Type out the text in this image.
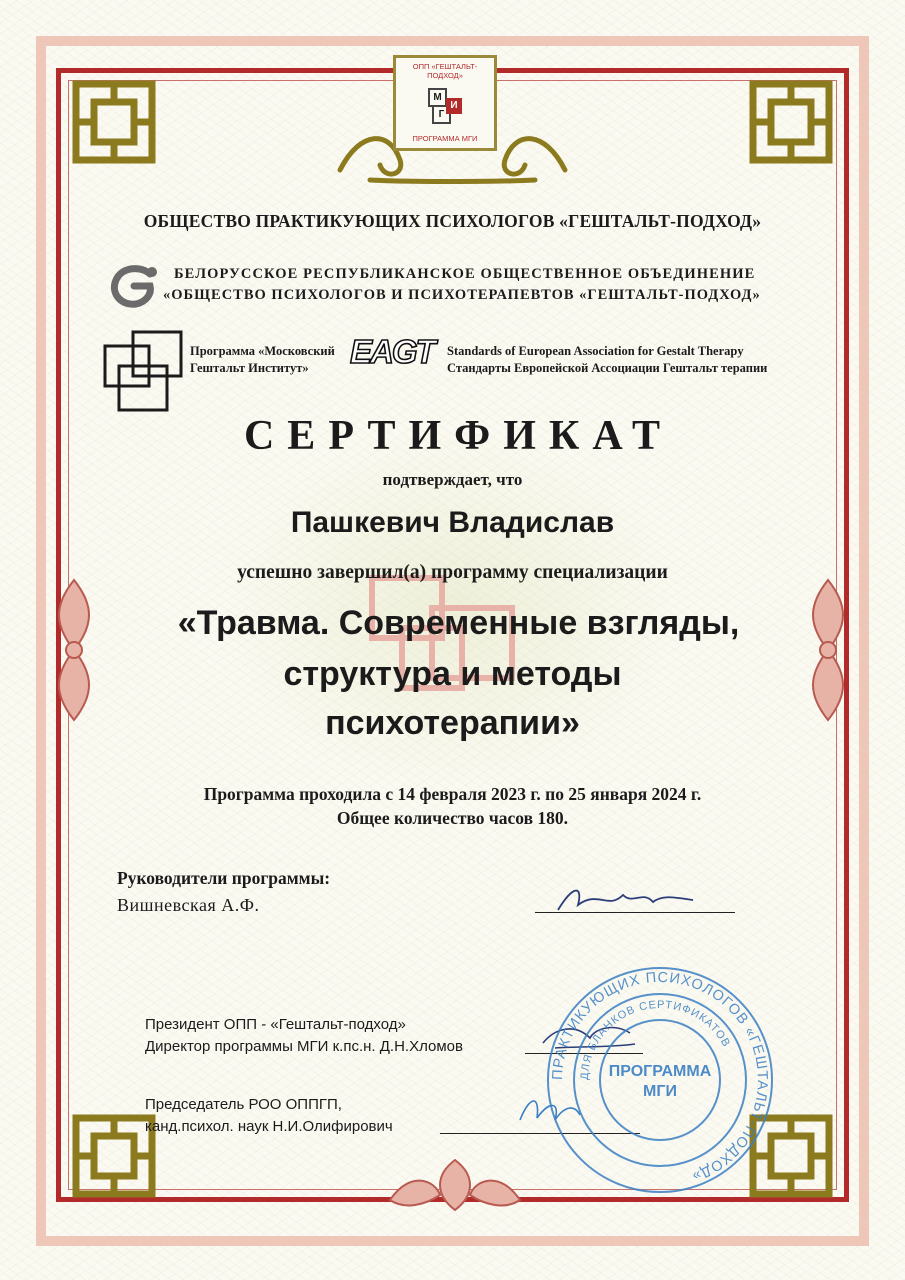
ОПП «ГЕШТАЛЬТ-ПОДХОД»
М
Г
И
ПРОГРАММА МГИ
ОБЩЕСТВО ПРАКТИКУЮЩИХ ПСИХОЛОГОВ «ГЕШТАЛЬТ-ПОДХОД»
БЕЛОРУССКОЕ РЕСПУБЛИКАНСКОЕ ОБЩЕСТВЕННОЕ ОБЪЕДИНЕНИЕ
«ОБЩЕСТВО ПСИХОЛОГОВ И ПСИХОТЕРАПЕВТОВ «ГЕШТАЛЬТ-ПОДХОД»
Программа «Московский
Гештальт Институт» EAGT	Standards of European Association for Gestalt Therapy
Стандарты Европейской Ассоциации Гештальт терапии
СЕРТИФИКАТ
подтверждает, что
Пашкевич Владислав
успешно завершил(а) программу специализации
«Травма. Современные взгляды,
структура и методы
психотерапии»
Программа проходила с 14 февраля 2023 г. по 25 января 2024 г.
Общее количество часов 180.
Руководители программы:
Вишневская А.Ф.
Президент ОПП - «Гештальт-подход»
Директор программы МГИ к.пс.н. Д.Н.Хломов
Председатель РОО ОППГП,
канд.психол. наук Н.И.Олифирович
ПРАКТИКУЮЩИХ ПСИХОЛОГОВ «ГЕШТАЛЬТ-ПОДХОД»
ДЛЯ БЛАНКОВ СЕРТИФИКАТОВ
ПРОГРАММА
МГИ
